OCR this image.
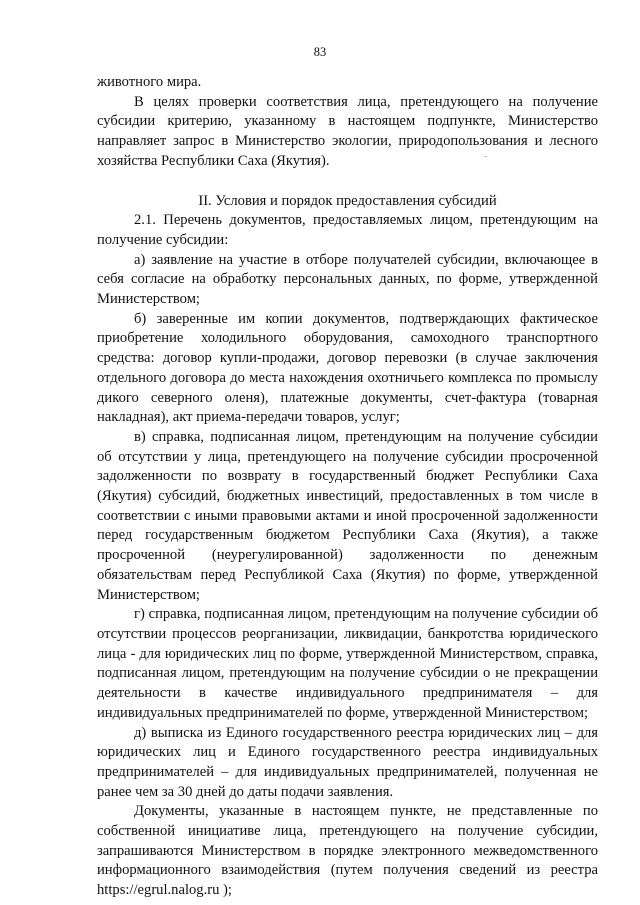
83

животного мира.

В целях проверки соответствия лица, претендующего на получение субсидии критерию, указанному в настоящем подпункте, Министерство направляет запрос в Министерство экологии, природопользования и лесного хозяйства Республики Саха (Якутия).

II. Условия и порядок предоставления субсидий

2.1. Перечень документов, предоставляемых лицом, претендующим на получение субсидии:

а) заявление на участие в отборе получателей субсидии, включающее в себя согласие на обработку персональных данных, по форме, утвержденной Министерством;

б) заверенные им копии документов, подтверждающих фактическое приобретение холодильного оборудования, самоходного транспортного средства: договор купли-продажи, договор перевозки (в случае заключения отдельного договора до места нахождения охотничьего комплекса по промыслу дикого северного оленя), платежные документы, счет-фактура (товарная накладная), акт приема-передачи товаров, услуг;

в) справка, подписанная лицом, претендующим на получение субсидии об отсутствии у лица, претендующего на получение субсидии просроченной задолженности по возврату в государственный бюджет Республики Саха (Якутия) субсидий, бюджетных инвестиций, предоставленных в том числе в соответствии с иными правовыми актами и иной просроченной задолженности перед государственным бюджетом Республики Саха (Якутия), а также просроченной (неурегулированной) задолженности по денежным обязательствам перед Республикой Саха (Якутия) по форме, утвержденной Министерством;

г) справка, подписанная лицом, претендующим на получение субсидии об отсутствии процессов реорганизации, ликвидации, банкротства юридического лица - для юридических лиц по форме, утвержденной Министерством, справка, подписанная лицом, претендующим на получение субсидии о не прекращении деятельности в качестве индивидуального предпринимателя – для индивидуальных предпринимателей по форме, утвержденной Министерством;

д) выписка из Единого государственного реестра юридических лиц – для юридических лиц и Единого государственного реестра индивидуальных предпринимателей – для индивидуальных предпринимателей, полученная не ранее чем за 30 дней до даты подачи заявления.

Документы, указанные в настоящем пункте, не представленные по собственной инициативе лица, претендующего на получение субсидии, запрашиваются Министерством в порядке электронного межведомственного информационного взаимодействия (путем получения сведений из реестра https://egrul.nalog.ru );
